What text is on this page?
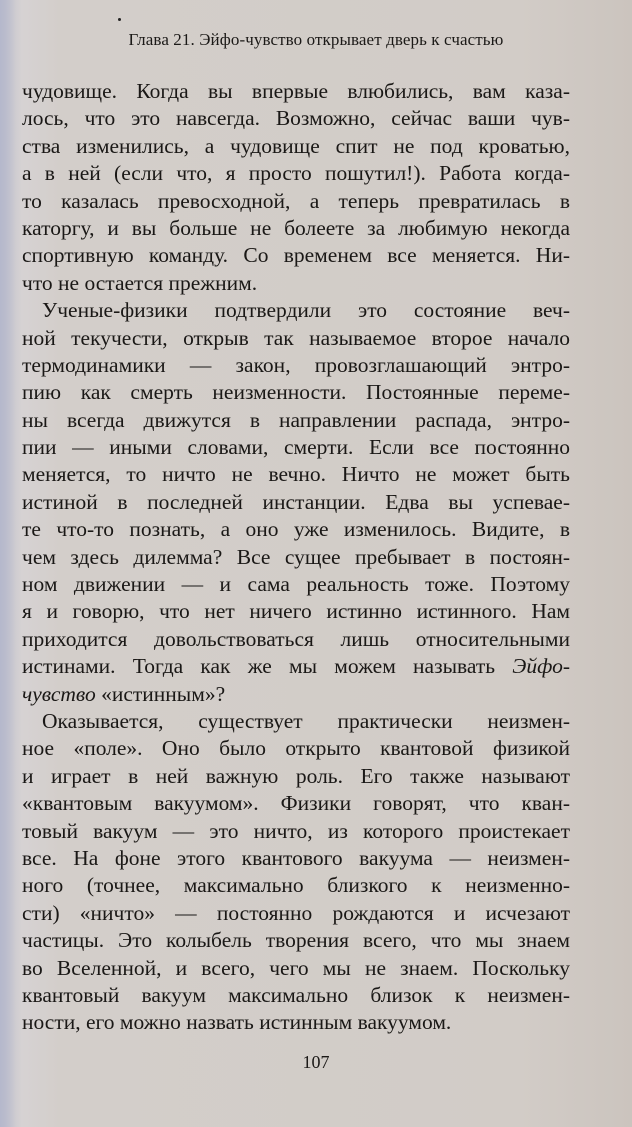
Глава 21. Эйфо-чувство открывает дверь к счастью
чудовище. Когда вы впервые влюбились, вам каза-
лось, что это навсегда. Возможно, сейчас ваши чув-
ства изменились, а чудовище спит не под кроватью,
а в ней (если что, я просто пошутил!). Работа когда-
то казалась превосходной, а теперь превратилась в
каторгу, и вы больше не болеете за любимую некогда
спортивную команду. Со временем все меняется. Ни-
что не остается прежним.
Ученые-физики подтвердили это состояние веч-
ной текучести, открыв так называемое второе начало
термодинамики — закон, провозглашающий энтро-
пию как смерть неизменности. Постоянные переме-
ны всегда движутся в направлении распада, энтро-
пии — иными словами, смерти. Если все постоянно
меняется, то ничто не вечно. Ничто не может быть
истиной в последней инстанции. Едва вы успевае-
те что-то познать, а оно уже изменилось. Видите, в
чем здесь дилемма? Все сущее пребывает в постоян-
ном движении — и сама реальность тоже. Поэтому
я и говорю, что нет ничего истинно истинного. Нам
приходится довольствоваться лишь относительными
истинами. Тогда как же мы можем называть Эйфо-
чувство «истинным»?
Оказывается, существует практически неизмен-
ное «поле». Оно было открыто квантовой физикой
и играет в ней важную роль. Его также называют
«квантовым вакуумом». Физики говорят, что кван-
товый вакуум — это ничто, из которого проистекает
все. На фоне этого квантового вакуума — неизмен-
ного (точнее, максимально близкого к неизменно-
сти) «ничто» — постоянно рождаются и исчезают
частицы. Это колыбель творения всего, что мы знаем
во Вселенной, и всего, чего мы не знаем. Поскольку
квантовый вакуум максимально близок к неизмен-
ности, его можно назвать истинным вакуумом.
107
